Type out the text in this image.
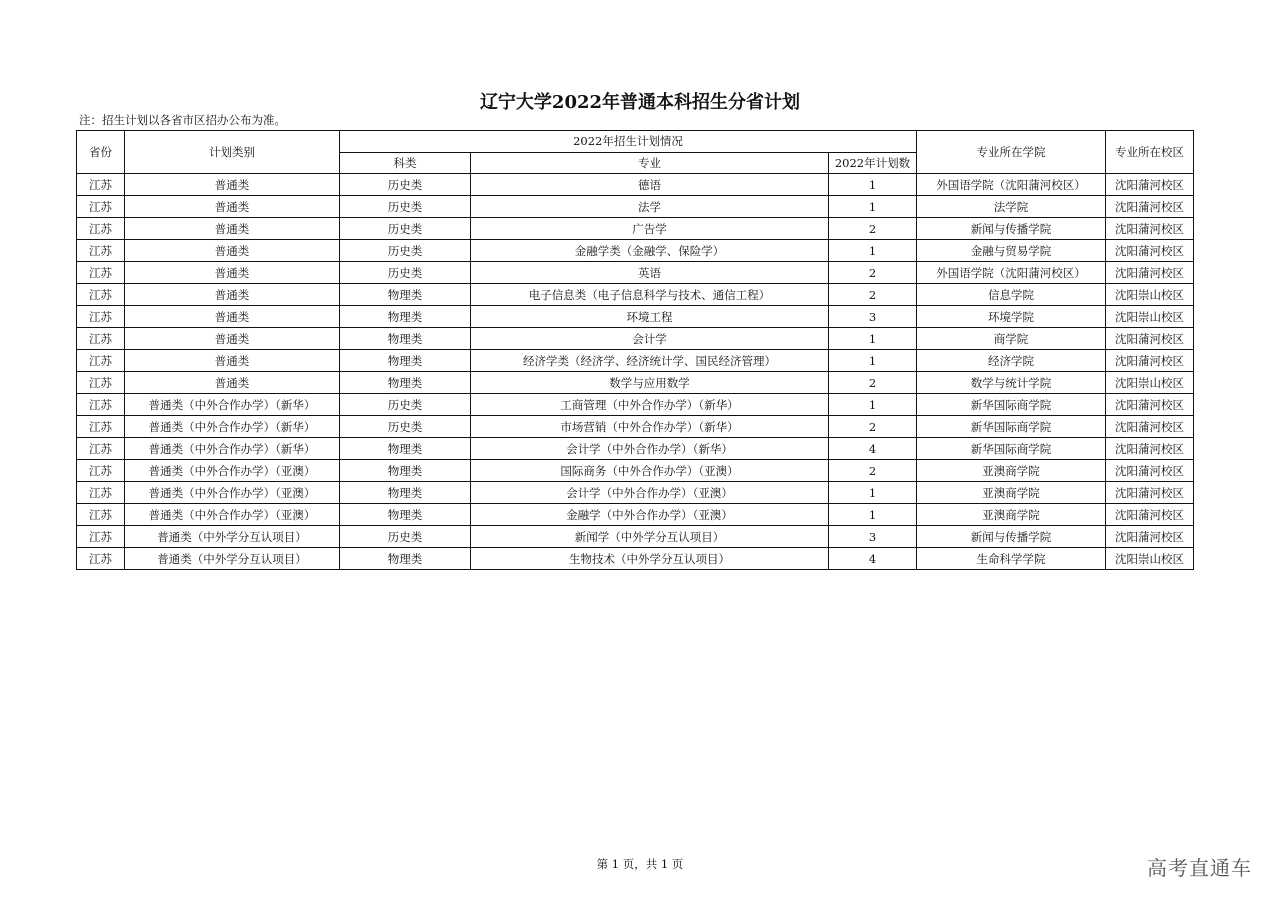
辽宁大学2022年普通本科招生分省计划
注：招生计划以各省市区招办公布为准。
省份	计划类别	2022年招生计划情况			专业所在学院	专业所在校区
		科类	专业	2022年计划数		
江苏	普通类	历史类	德语	1	外国语学院（沈阳蒲河校区）	沈阳蒲河校区
江苏	普通类	历史类	法学	1	法学院	沈阳蒲河校区
江苏	普通类	历史类	广告学	2	新闻与传播学院	沈阳蒲河校区
江苏	普通类	历史类	金融学类（金融学、保险学）	1	金融与贸易学院	沈阳蒲河校区
江苏	普通类	历史类	英语	2	外国语学院（沈阳蒲河校区）	沈阳蒲河校区
江苏	普通类	物理类	电子信息类（电子信息科学与技术、通信工程）	2	信息学院	沈阳崇山校区
江苏	普通类	物理类	环境工程	3	环境学院	沈阳崇山校区
江苏	普通类	物理类	会计学	1	商学院	沈阳蒲河校区
江苏	普通类	物理类	经济学类（经济学、经济统计学、国民经济管理）	1	经济学院	沈阳蒲河校区
江苏	普通类	物理类	数学与应用数学	2	数学与统计学院	沈阳崇山校区
江苏	普通类（中外合作办学）（新华）	历史类	工商管理（中外合作办学）（新华）	1	新华国际商学院	沈阳蒲河校区
江苏	普通类（中外合作办学）（新华）	历史类	市场营销（中外合作办学）（新华）	2	新华国际商学院	沈阳蒲河校区
江苏	普通类（中外合作办学）（新华）	物理类	会计学（中外合作办学）（新华）	4	新华国际商学院	沈阳蒲河校区
江苏	普通类（中外合作办学）（亚澳）	物理类	国际商务（中外合作办学）（亚澳）	2	亚澳商学院	沈阳蒲河校区
江苏	普通类（中外合作办学）（亚澳）	物理类	会计学（中外合作办学）（亚澳）	1	亚澳商学院	沈阳蒲河校区
江苏	普通类（中外合作办学）（亚澳）	物理类	金融学（中外合作办学）（亚澳）	1	亚澳商学院	沈阳蒲河校区
江苏	普通类（中外学分互认项目）	历史类	新闻学（中外学分互认项目）	3	新闻与传播学院	沈阳蒲河校区
江苏	普通类（中外学分互认项目）	物理类	生物技术（中外学分互认项目）	4	生命科学学院	沈阳崇山校区
第 1 页，共 1 页	高考直通车
